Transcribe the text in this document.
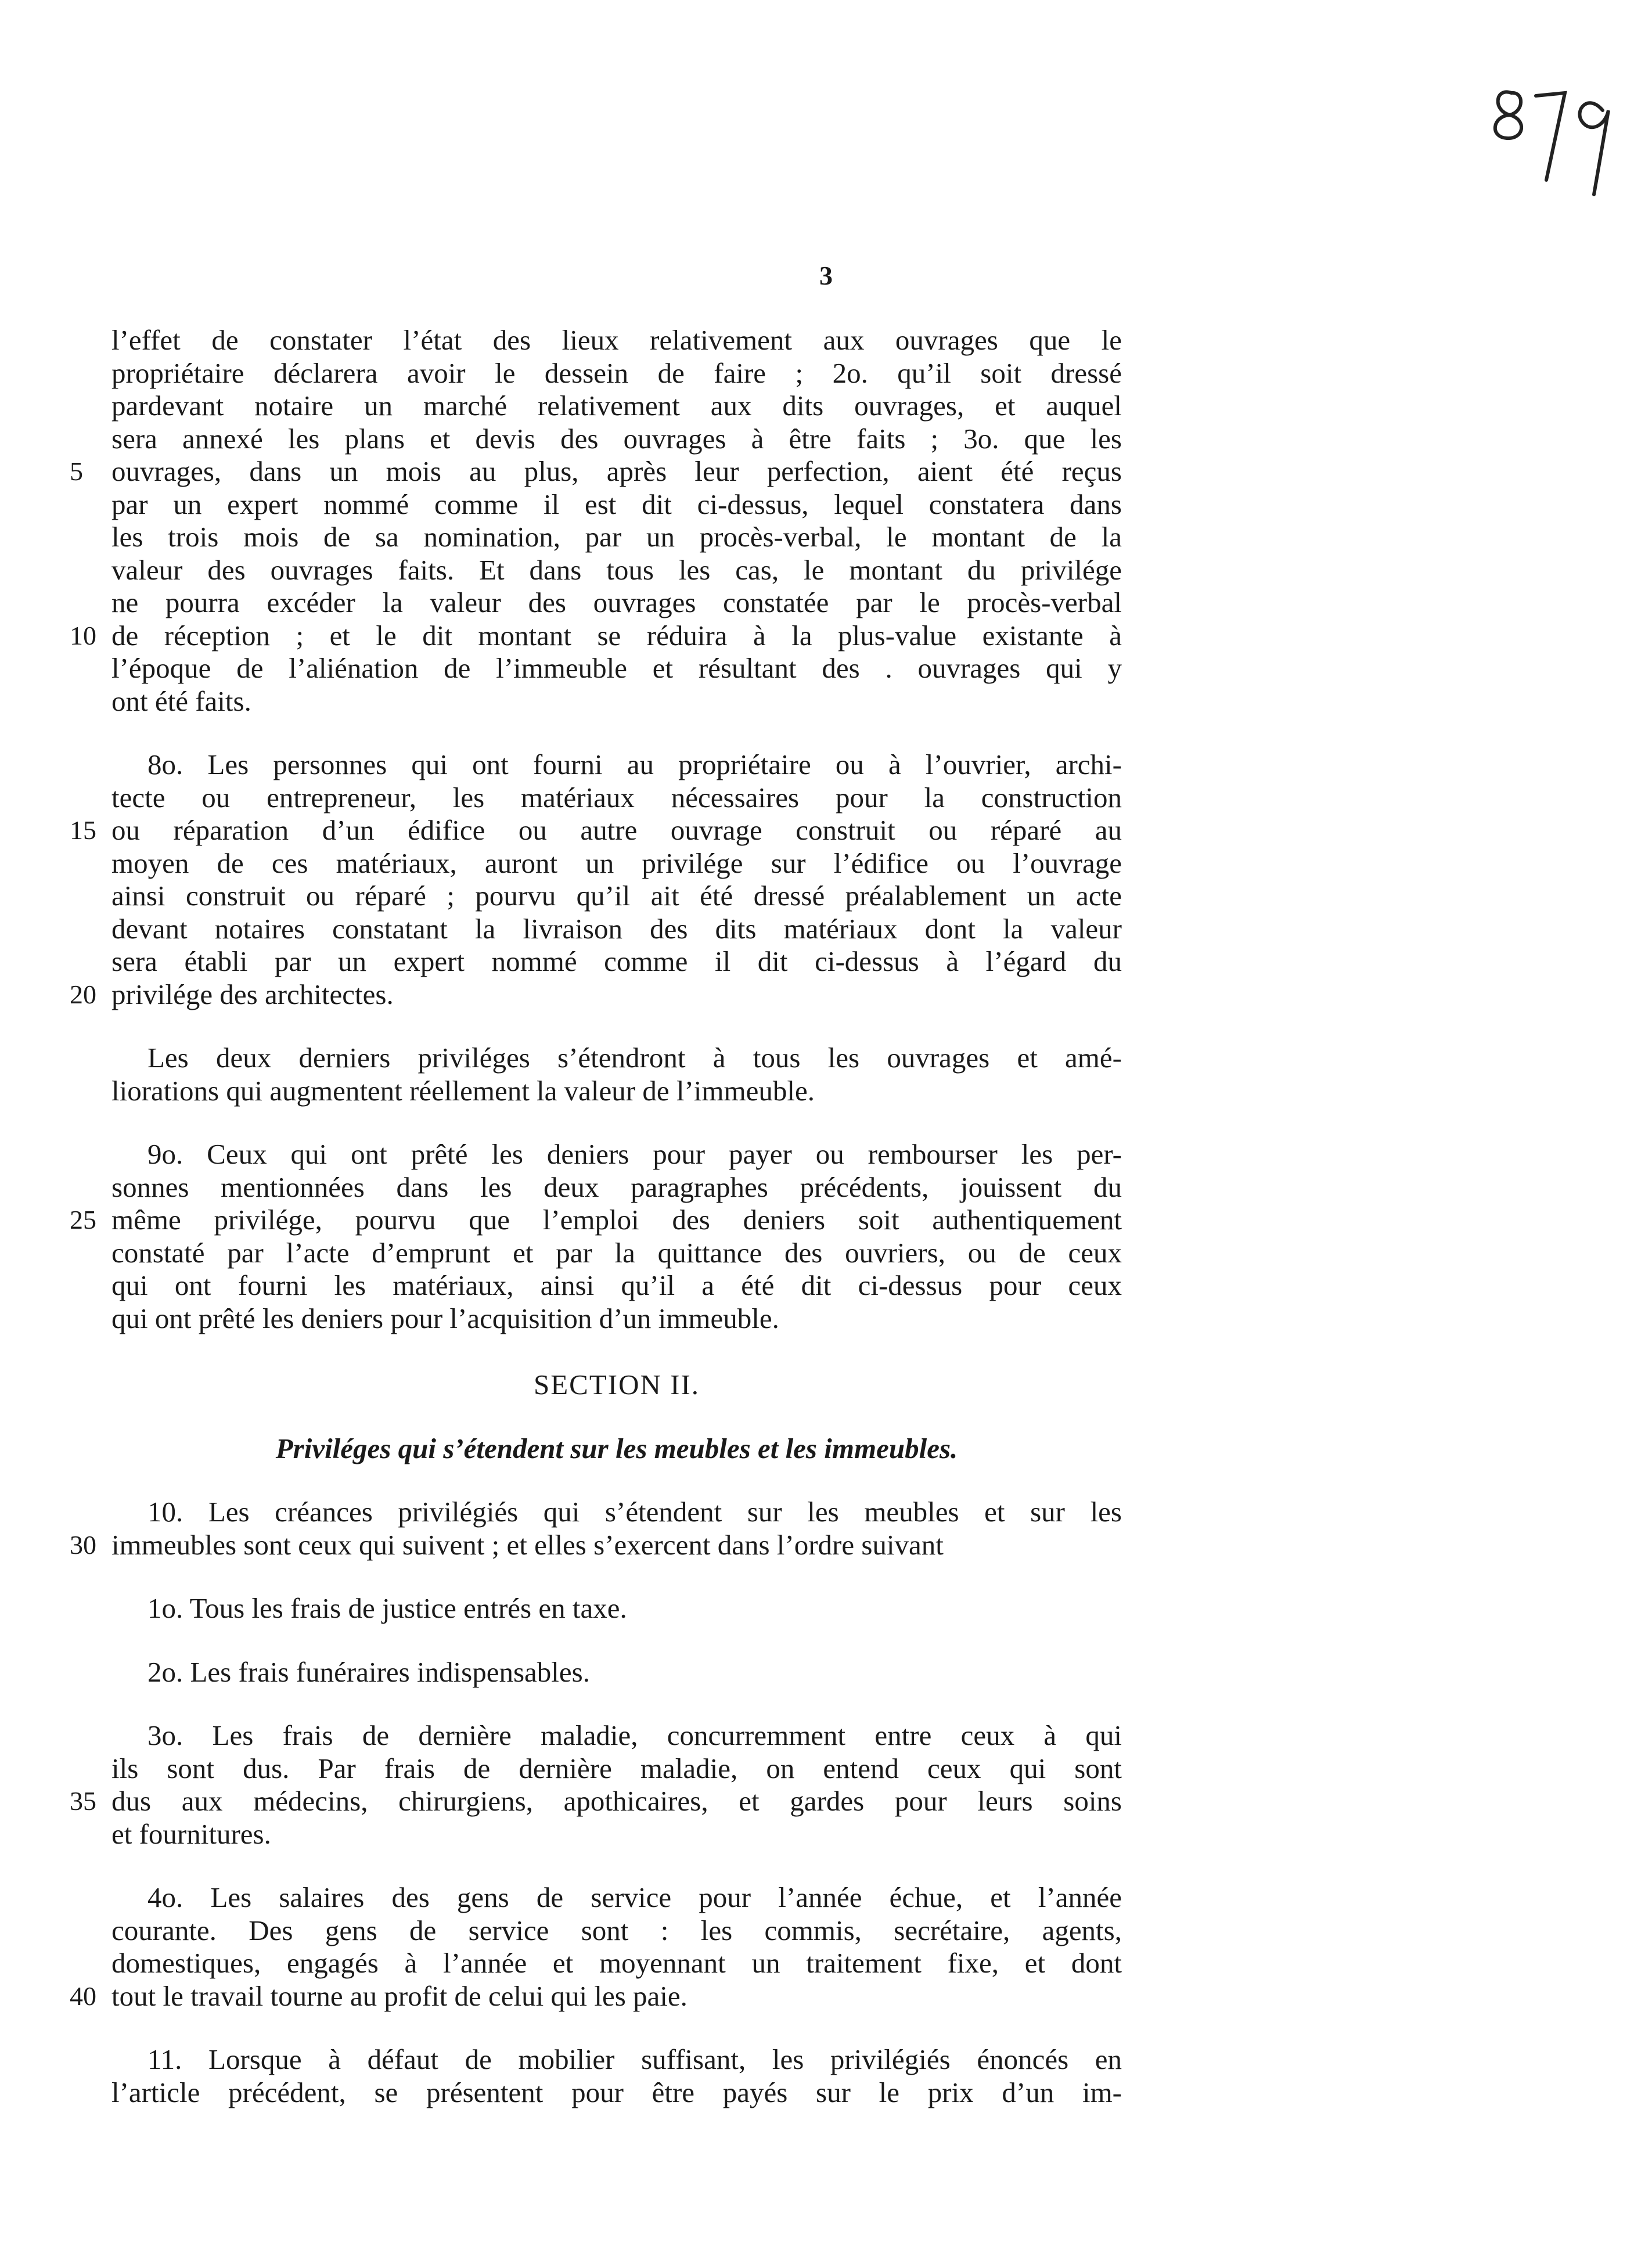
3
l’effet de constater l’état des lieux relativement aux ouvrages que le
propriétaire déclarera avoir le dessein de faire ; 2o. qu’il soit dressé
pardevant notaire un marché relativement aux dits ouvrages, et auquel
sera annexé les plans et devis des ouvrages à être faits ; 3o. que les
ouvrages, dans un mois au plus, après leur perfection, aient été reçus
5
par un expert nommé comme il est dit ci-dessus, lequel constatera dans
les trois mois de sa nomination, par un procès-verbal, le montant de la
valeur des ouvrages faits. Et dans tous les cas, le montant du privilége
ne pourra excéder la valeur des ouvrages constatée par le procès-verbal
de réception ; et le dit montant se réduira à la plus-value existante à
10
l’époque de l’aliénation de l’immeuble et résultant des . ouvrages qui y
ont été faits.
8o. Les personnes qui ont fourni au propriétaire ou à l’ouvrier, archi-
tecte ou entrepreneur, les matériaux nécessaires pour la construction
ou réparation d’un édifice ou autre ouvrage construit ou réparé au
15
moyen de ces matériaux, auront un privilége sur l’édifice ou l’ouvrage
ainsi construit ou réparé ; pourvu qu’il ait été dressé préalablement un acte
devant notaires constatant la livraison des dits matériaux dont la valeur
sera établi par un expert nommé comme il dit ci-dessus à l’égard du
privilége des architectes.
20
Les deux derniers priviléges s’étendront à tous les ouvrages et amé-
liorations qui augmentent réellement la valeur de l’immeuble.
9o. Ceux qui ont prêté les deniers pour payer ou rembourser les per-
sonnes mentionnées dans les deux paragraphes précédents, jouissent du
même privilége, pourvu que l’emploi des deniers soit authentiquement
25
constaté par l’acte d’emprunt et par la quittance des ouvriers, ou de ceux
qui ont fourni les matériaux, ainsi qu’il a été dit ci-dessus pour ceux
qui ont prêté les deniers pour l’acquisition d’un immeuble.
SECTION II.
Priviléges qui s’étendent sur les meubles et les immeubles.
10. Les créances privilégiés qui s’étendent sur les meubles et sur les
immeubles sont ceux qui suivent ; et elles s’exercent dans l’ordre suivant
30
1o. Tous les frais de justice entrés en taxe.
2o. Les frais funéraires indispensables.
3o. Les frais de dernière maladie, concurremment entre ceux à qui
ils sont dus. Par frais de dernière maladie, on entend ceux qui sont
dus aux médecins, chirurgiens, apothicaires, et gardes pour leurs soins
35
et fournitures.
4o. Les salaires des gens de service pour l’année échue, et l’année
courante. Des gens de service sont : les commis, secrétaire, agents,
domestiques, engagés à l’année et moyennant un traitement fixe, et dont
tout le travail tourne au profit de celui qui les paie.
40
11. Lorsque à défaut de mobilier suffisant, les privilégiés énoncés en
l’article précédent, se présentent pour être payés sur le prix d’un im-
